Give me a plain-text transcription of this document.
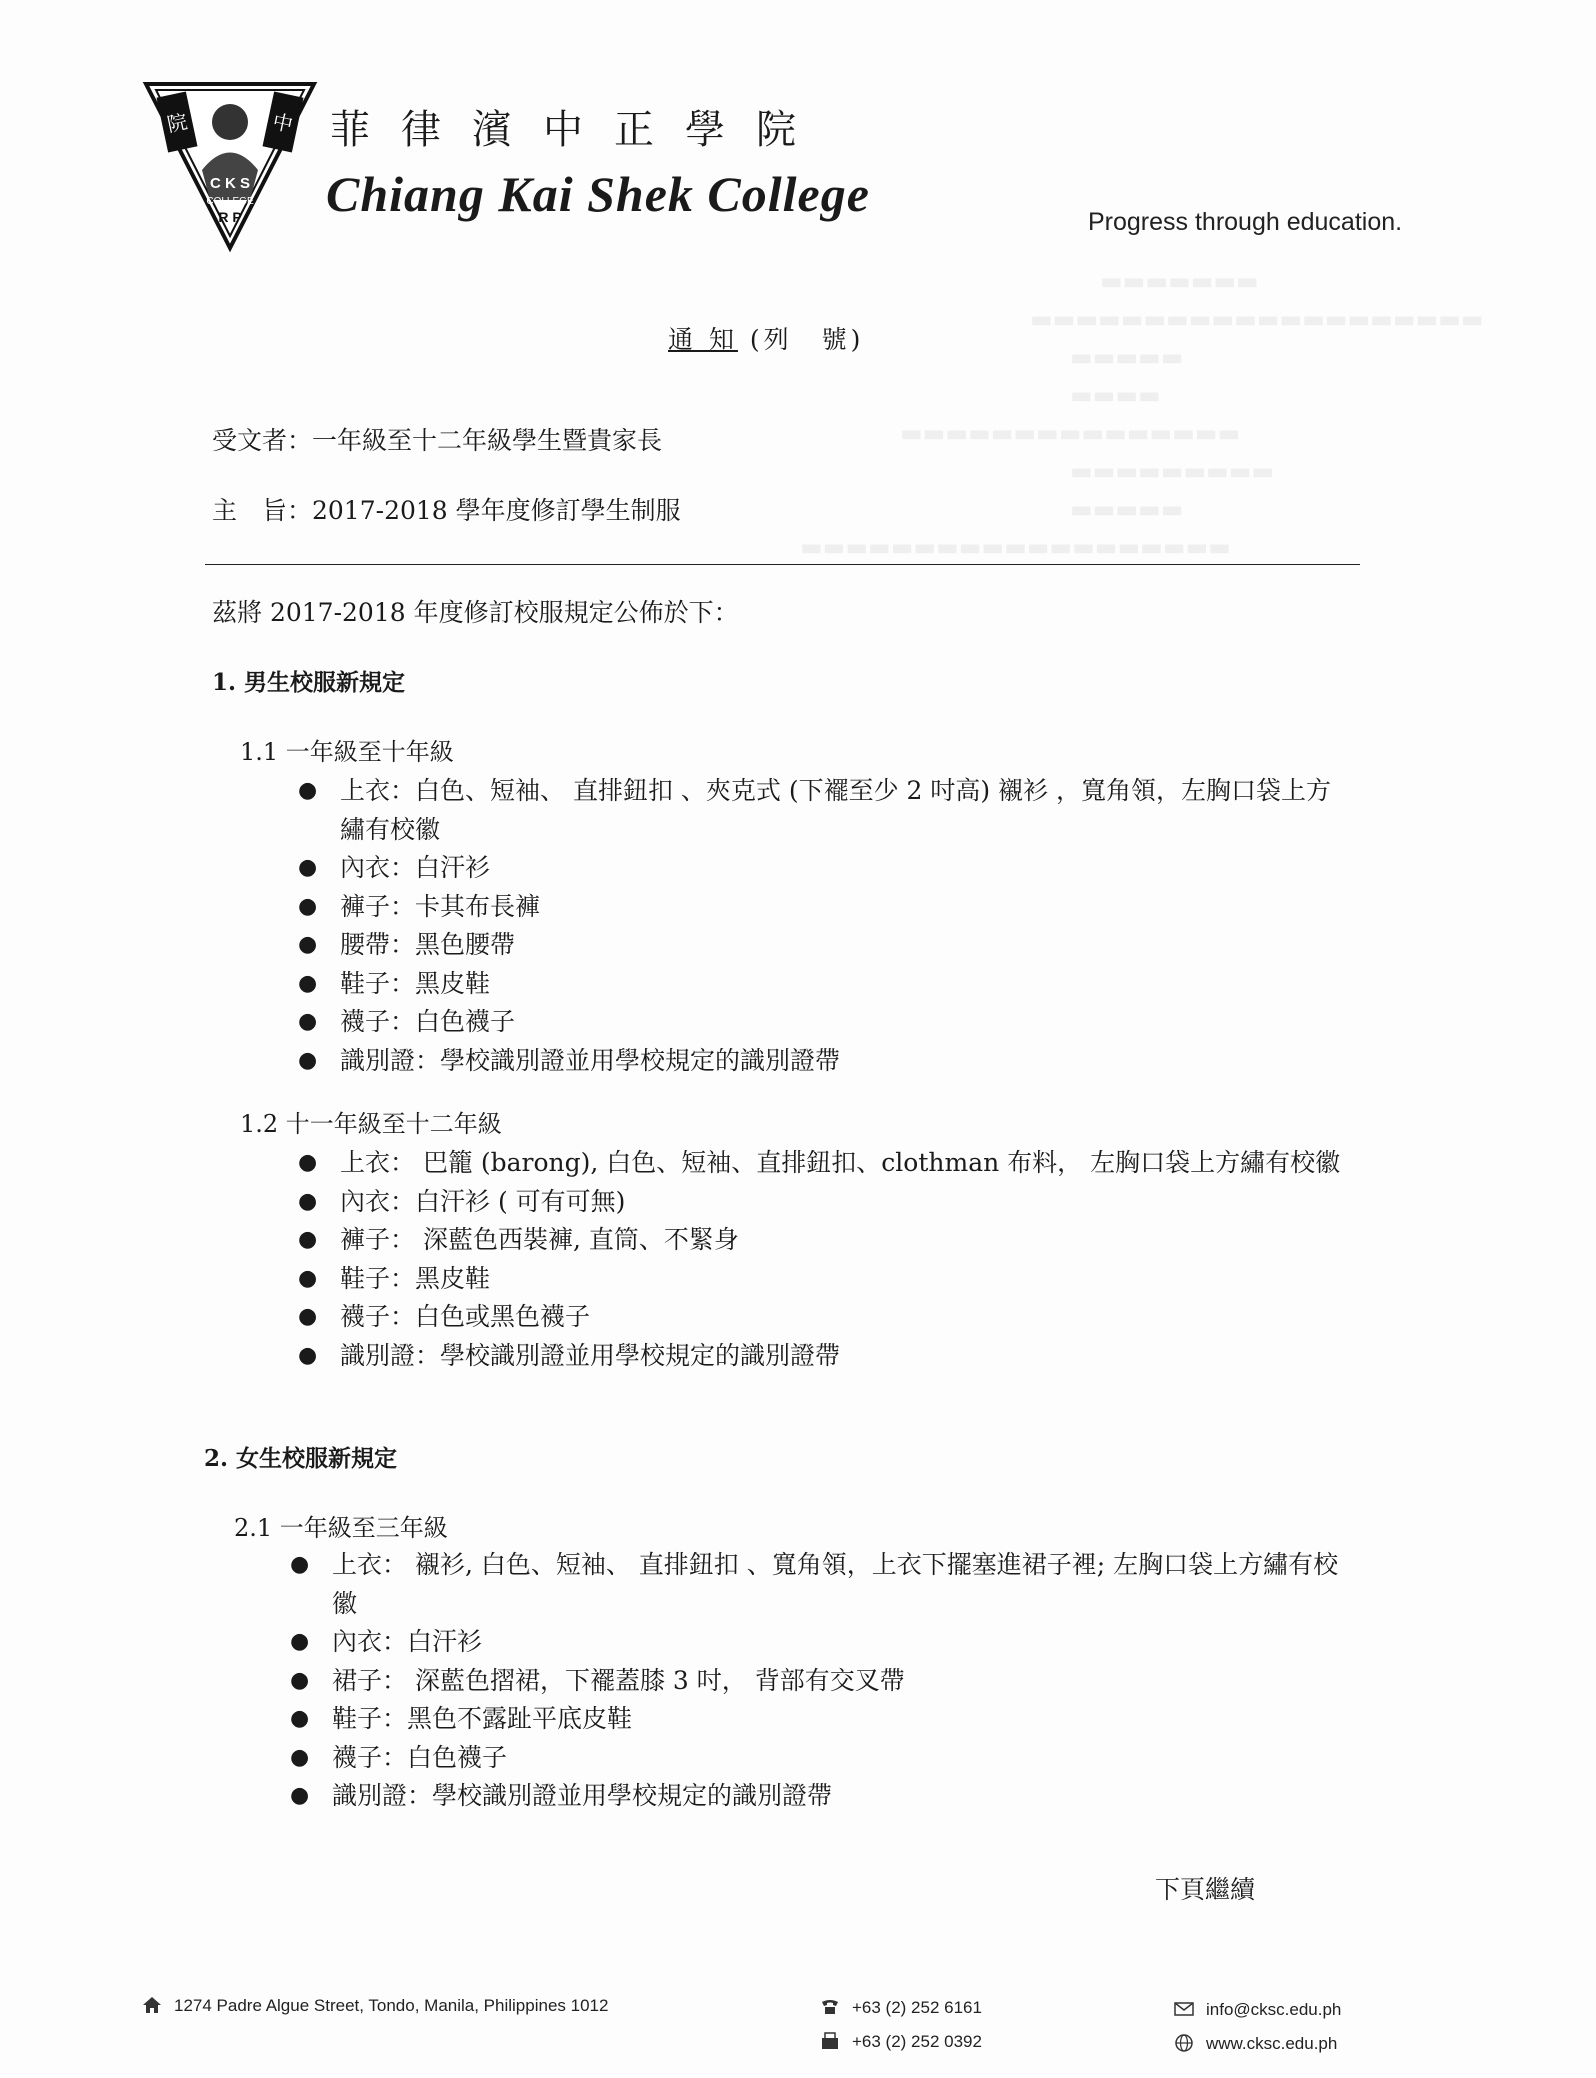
▬▬▬▬▬▬▬
▬▬▬▬▬▬▬▬▬▬▬▬▬▬▬▬▬▬▬▬
▬▬▬▬▬
▬▬▬▬
▬▬▬▬▬▬▬▬▬▬▬▬▬▬▬
▬▬▬▬▬▬▬▬▬
▬▬▬▬▬
▬▬▬▬▬▬▬▬▬▬▬▬▬▬▬▬▬▬▬
院	中
C K S
COLLEGE
R P
菲律濱中正學院
Chiang Kai Shek College	Progress through education.
通 知 (列　號)
受文者：一年級至十二年級學生暨貴家長
主　旨：2017-2018 學年度修訂學生制服
茲將 2017-2018 年度修訂校服規定公佈於下：
1. 男生校服新規定
1.1 一年級至十年級
● 上衣：白色、短袖、 直排鈕扣 、夾克式 (下襬至少 2 吋高) 襯衫 ，寬角領，左胸口袋上方繡有校徽
● 內衣：白汗衫
● 褲子：卡其布長褲
● 腰帶：黑色腰帶
● 鞋子：黑皮鞋
● 襪子：白色襪子
● 識別證：學校識別證並用學校規定的識別證帶
1.2 十一年級至十二年級
● 上衣： 巴籠 (barong), 白色、短袖、直排鈕扣、clothman 布料， 左胸口袋上方繡有校徽
● 內衣：白汗衫 ( 可有可無)
● 褲子： 深藍色西裝褲, 直筒、不緊身
● 鞋子：黑皮鞋
● 襪子：白色或黑色襪子
● 識別證：學校識別證並用學校規定的識別證帶
2. 女生校服新規定
2.1 一年級至三年級
● 上衣： 襯衫, 白色、短袖、 直排鈕扣 、寬角領，上衣下擺塞進裙子裡; 左胸口袋上方繡有校徽
● 內衣：白汗衫
● 裙子： 深藍色摺裙，下襬蓋膝 3 吋， 背部有交叉帶
● 鞋子：黑色不露趾平底皮鞋
● 襪子：白色襪子
● 識別證：學校識別證並用學校規定的識別證帶
下頁繼續
1274 Padre Algue Street, Tondo, Manila, Philippines 1012	+63 (2) 252 6161
+63 (2) 252 0392
info@cksc.edu.ph
www.cksc.edu.ph
